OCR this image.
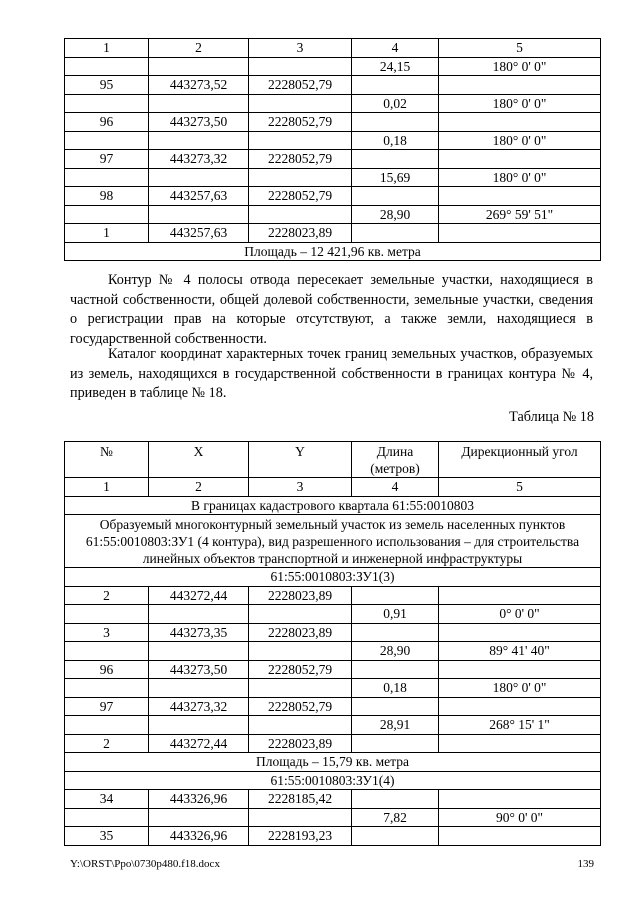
1	2	3	4	5
			24,15	180° 0' 0"
95	443273,52	2228052,79		
			0,02	180° 0' 0"
96	443273,50	2228052,79		
			0,18	180° 0' 0"
97	443273,32	2228052,79		
			15,69	180° 0' 0"
98	443257,63	2228052,79		
			28,90	269° 59' 51"
1	443257,63	2228023,89		
Площадь – 12 421,96 кв. метра				

Контур № 4 полосы отвода пересекает земельные участки, находящиеся в частной собственности, общей долевой собственности, земельные участки, сведения о регистрации прав на которые отсутствуют, а также земли, находящиеся в государственной собственности.

Каталог координат характерных точек границ земельных участков, образуемых из земель, находящихся в государственной собственности в границах контура № 4, приведен в таблице № 18.

Таблица № 18
№	X	Y	Длина (метров)	Дирекционный угол
1	2	3	4	5
В границах кадастрового квартала 61:55:0010803				
Образуемый многоконтурный земельный участок из земель населенных пунктов 61:55:0010803:ЗУ1 (4 контура), вид разрешенного использования – для строительства линейных объектов транспортной и инженерной инфраструктуры				
61:55:0010803:ЗУ1(3)				
2	443272,44	2228023,89		
			0,91	0° 0' 0"
3	443273,35	2228023,89		
			28,90	89° 41' 40"
96	443273,50	2228052,79		
			0,18	180° 0' 0"
97	443273,32	2228052,79		
			28,91	268° 15' 1"
2	443272,44	2228023,89		
Площадь – 15,79 кв. метра				
61:55:0010803:ЗУ1(4)				
34	443326,96	2228185,42		
			7,82	90° 0' 0"
35	443326,96	2228193,23		
Y:\ORST\Ppo\0730p480.f18.docx	139
